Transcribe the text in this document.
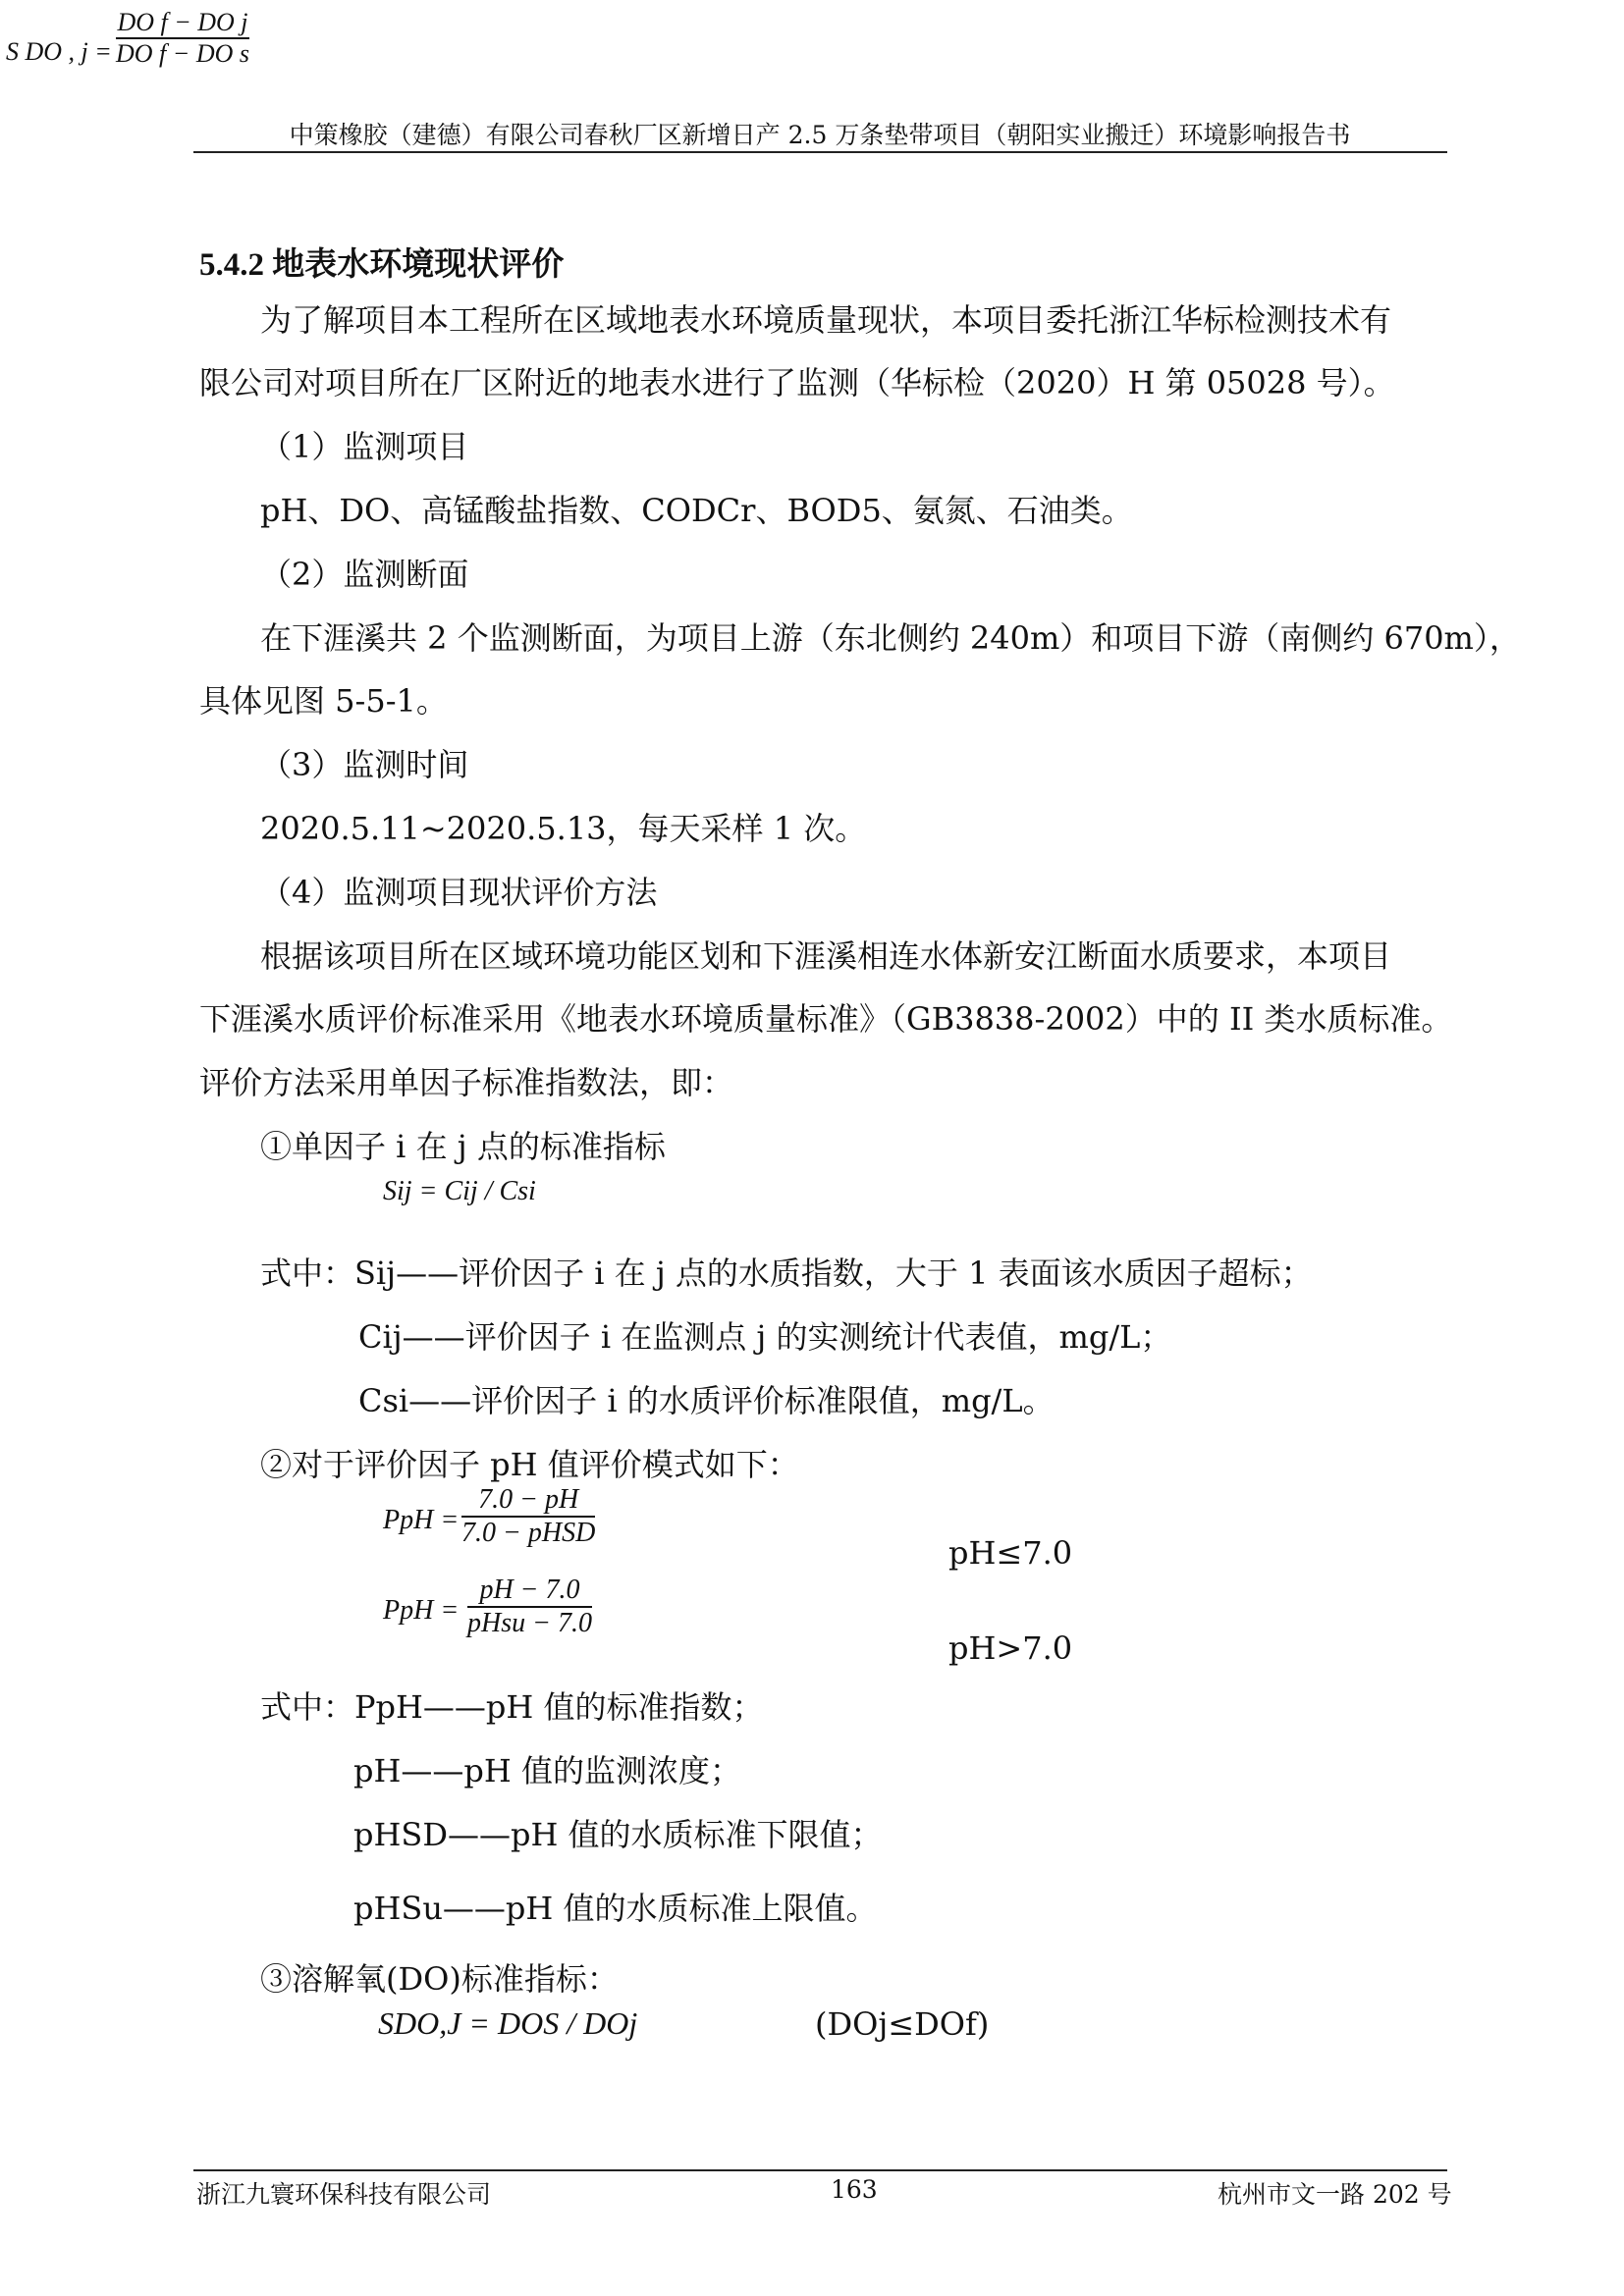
S DO , j =
DO f − DO j
DO f − DO s
中策橡胶（建德）有限公司春秋厂区新增日产 2.5 万条垫带项目（朝阳实业搬迁）环境影响报告书
5.4.2 地表水环境现状评价
为了解项目本工程所在区域地表水环境质量现状，本项目委托浙江华标检测技术有
限公司对项目所在厂区附近的地表水进行了监测（华标检（2020）H 第 05028 号）。
（1）监测项目
pH、DO、高锰酸盐指数、CODCr、BOD5、氨氮、石油类。
（2）监测断面
在下涯溪共 2 个监测断面，为项目上游（东北侧约 240m）和项目下游（南侧约 670m），
具体见图 5-5-1。
（3）监测时间
2020.5.11~2020.5.13，每天采样 1 次。
（4）监测项目现状评价方法
根据该项目所在区域环境功能区划和下涯溪相连水体新安江断面水质要求，本项目
下涯溪水质评价标准采用《地表水环境质量标准》（GB3838-2002）中的 II 类水质标准。
评价方法采用单因子标准指数法，即：
①单因子 i 在 j 点的标准指标
Sij = Cij / Csi
式中：Sij——评价因子 i 在 j 点的水质指数，大于 1 表面该水质因子超标；
Cij——评价因子 i 在监测点 j 的实测统计代表值，mg/L；
Csi——评价因子 i 的水质评价标准限值，mg/L。
②对于评价因子 pH 值评价模式如下：
PpH =
7.0 − pH
7.0 − pHSD
pH≤7.0
PpH =
pH − 7.0
pHsu − 7.0
pH>7.0
式中：PpH——pH 值的标准指数；
pH——pH 值的监测浓度；
pHSD——pH 值的水质标准下限值；
pHSu——pH 值的水质标准上限值。
③溶解氧(DO)标准指标：
SDO,J = DOS / DOj	(DOj≤DOf)
浙江九寰环保科技有限公司	163	杭州市文一路 202 号
